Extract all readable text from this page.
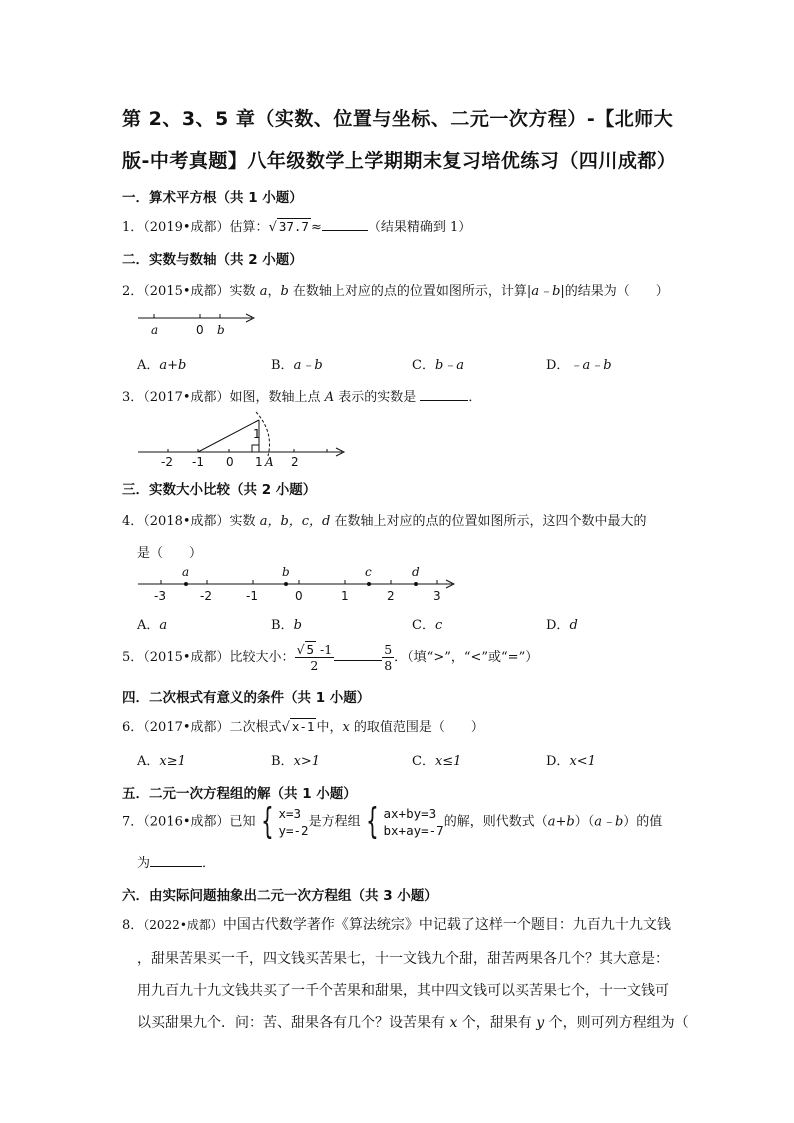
第 2、3、5 章（实数、位置与坐标、二元一次方程）-【北师大
版-中考真题】八年级数学上学期期末复习培优练习（四川成都）
一．算术平方根（共 1 小题）
1．（2019•成都）估算：√ 37.7 ≈	（结果精确到 1）
二．实数与数轴（共 2 小题）
2．（2015•成都）实数 a，b 在数轴上对应的点的位置如图所示，计算|a﹣b|的结果为（　　）
a	0 b
A．a+b	B．a﹣b	C．b﹣a	D．﹣a﹣b
3．（2017•成都）如图，数轴上点 A 表示的实数是	．
-2 -1 0 1 A 2
1
三．实数大小比较（共 2 小题）
4．（2018•成都）实数 a，b，c，d 在数轴上对应的点的位置如图所示，这四个数中最大的
是（　　）
a	b	c	d
-3	-2	-1	0	1	2	3
A．a	B．b	C．c	D．d
5．（2015•成都）比较大小： $\frac{√ 5 -1}{2}$	$\frac{5}{8}$ ．（填“>”，“<”或“=”）
四．二次根式有意义的条件（共 1 小题）
6．（2017•成都）二次根式√ x-1 中，x 的取值范围是（　　）
A．x≥1	B．x>1	C．x≤1	D．x<1
五．二元一次方程组的解（共 1 小题）
7．（2016•成都）已知 { x=3
y=-2
是方程组 { ax+by=3
bx+ay=-7
的解，则代数式（a+b）（a﹣b）的值
为	．
六．由实际问题抽象出二元一次方程组（共 3 小题）
8．（2022•成都）中国古代数学著作《算法统宗》中记载了这样一个题目：九百九十九文钱
，甜果苦果买一千，四文钱买苦果七，十一文钱九个甜，甜苦两果各几个？其大意是：
用九百九十九文钱共买了一千个苦果和甜果，其中四文钱可以买苦果七个，十一文钱可
以买甜果九个．问：苦、甜果各有几个？设苦果有 x 个，甜果有 y 个，则可列方程组为（
